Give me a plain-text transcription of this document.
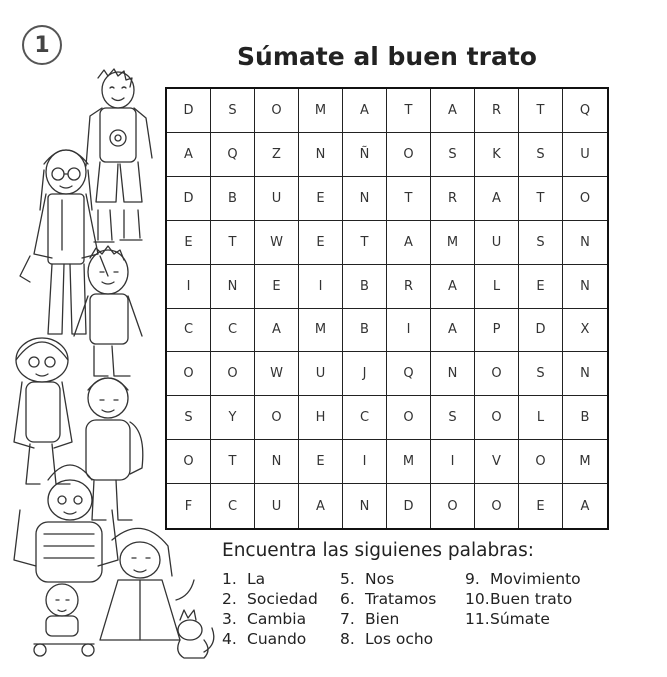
1	Súmate al buen trato
D	S	O	M	A	T	A	R	T	Q
A	Q	Z	N	Ñ	O	S	K	S	U
D	B	U	E	N	T	R	A	T	O
E	T	W	E	T	A	M	U	S	N
I	N	E	I	B	R	A	L	E	N
C	C	A	M	B	I	A	P	D	X
O	O	W	U	J	Q	N	O	S	N
S	Y	O	H	C	O	S	O	L	B
O	T	N	E	I	M	I	V	O	M
F	C	U	A	N	D	O	O	E	A
Encuentra las siguienes palabras:
1. La
2. Sociedad
3. Cambia
4. Cuando
5. Nos
6. Tratamos
7. Bien
8. Los ocho
9. Movimiento
10.Buen trato
11.Súmate
